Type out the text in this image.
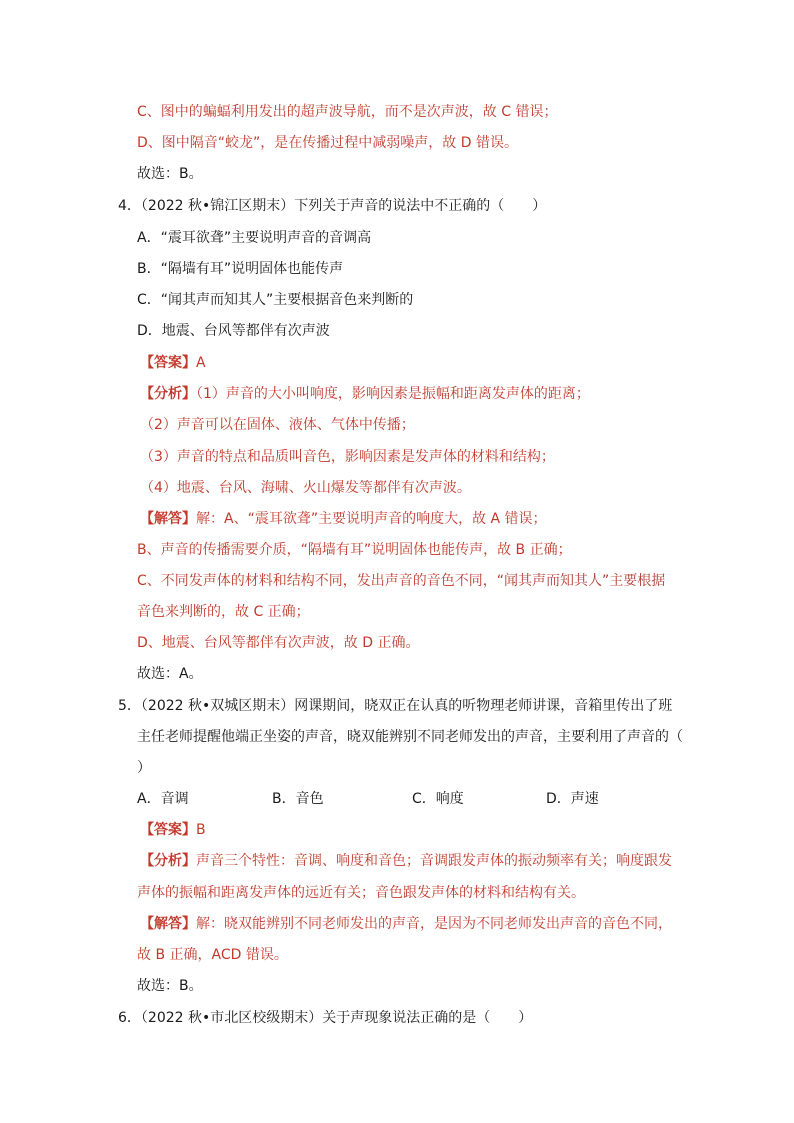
C、图中的蝙蝠利用发出的超声波导航，而不是次声波，故 C 错误；
D、图中隔音“蛟龙”，是在传播过程中减弱噪声，故 D 错误。
故选：B。
4．（2022 秋•锦江区期末）下列关于声音的说法中不正确的（　　）
A．“震耳欲聋”主要说明声音的音调高
B．“隔墙有耳”说明固体也能传声
C．“闻其声而知其人”主要根据音色来判断的
D．地震、台风等都伴有次声波
【答案】A
【分析】（1）声音的大小叫响度，影响因素是振幅和距离发声体的距离；
（2）声音可以在固体、液体、气体中传播；
（3）声音的特点和品质叫音色，影响因素是发声体的材料和结构；
（4）地震、台风、海啸、火山爆发等都伴有次声波。
【解答】解：A、“震耳欲聋”主要说明声音的响度大，故 A 错误；
B、声音的传播需要介质，“隔墙有耳”说明固体也能传声，故 B 正确；
C、不同发声体的材料和结构不同，发出声音的音色不同，“闻其声而知其人”主要根据
音色来判断的，故 C 正确；
D、地震、台风等都伴有次声波，故 D 正确。
故选：A。
5．（2022 秋•双城区期末）网课期间，晓双正在认真的听物理老师讲课，音箱里传出了班
主任老师提醒他端正坐姿的声音，晓双能辨别不同老师发出的声音，主要利用了声音的（
）
A．音调	B．音色	C．响度	D．声速
【答案】B
【分析】声音三个特性：音调、响度和音色；音调跟发声体的振动频率有关；响度跟发
声体的振幅和距离发声体的远近有关；音色跟发声体的材料和结构有关。
【解答】解：晓双能辨别不同老师发出的声音，是因为不同老师发出声音的音色不同，
故 B 正确，ACD 错误。
故选：B。
6．（2022 秋•市北区校级期末）关于声现象说法正确的是（　　）
